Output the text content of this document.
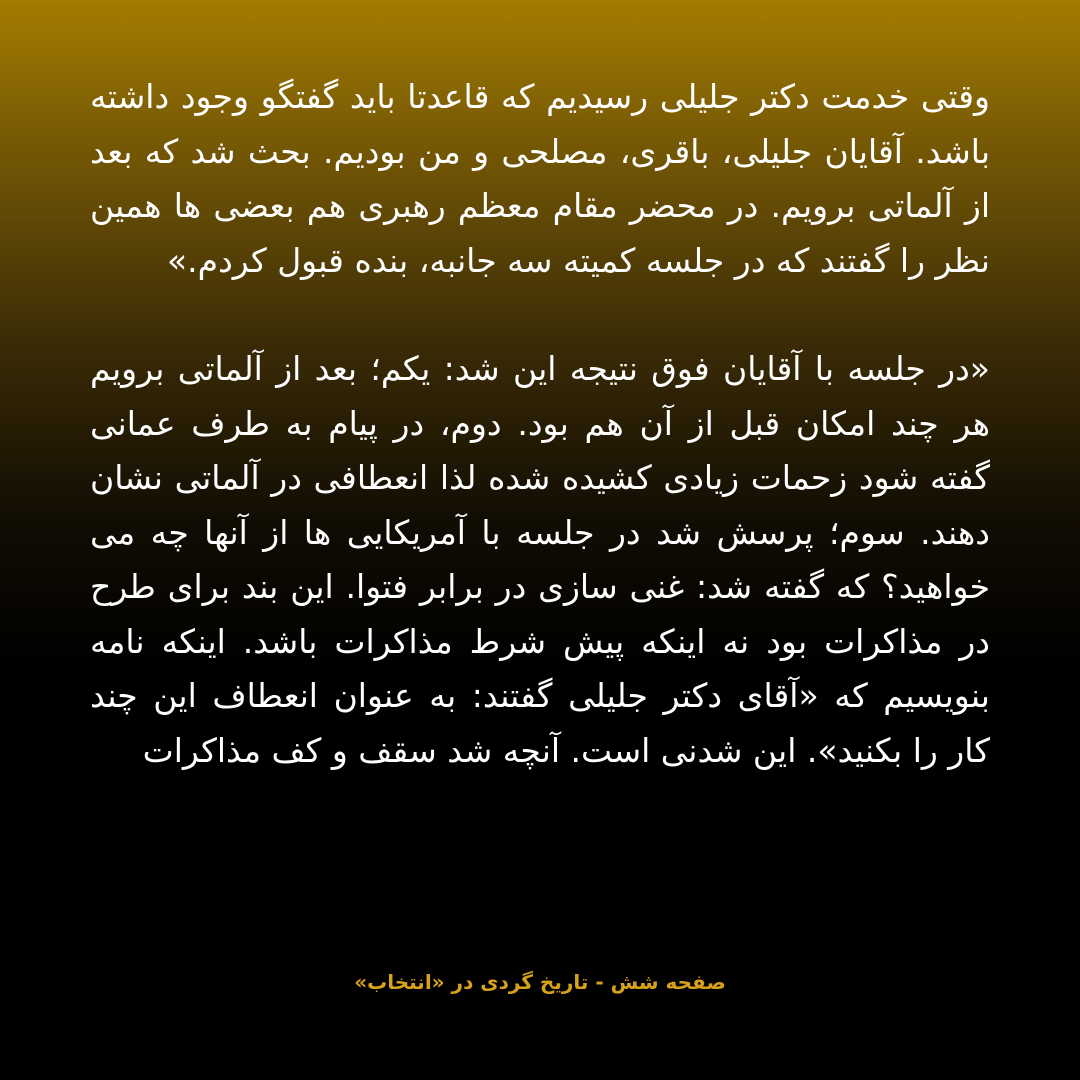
وقتی خدمت دکتر جلیلی رسیدیم که قاعدتا باید گفتگو وجود داشته باشد. آقایان جلیلی، باقری، مصلحی و من بودیم. بحث شد که بعد از آلماتی برویم. در محضر مقام معظم رهبری هم بعضی ها همین نظر را گفتند که در جلسه کمیته سه جانبه، بنده قبول کردم.»

«در جلسه با آقایان فوق نتیجه این شد: یکم؛ بعد از آلماتی برویم هر چند امکان قبل از آن هم بود. دوم، در پیام به طرف عمانی گفته شود زحمات زیادی کشیده شده لذا انعطافی در آلماتی نشان دهند. سوم؛ پرسش شد در جلسه با آمریکایی ها از آنها چه می خواهید؟ که گفته شد: غنی سازی در برابر فتوا. این بند برای طرح در مذاکرات بود نه اینکه پیش شرط مذاکرات باشد. اینکه نامه بنویسیم که «آقای دکتر جلیلی گفتند: به عنوان انعطاف این چند کار را بکنید». این شدنی است. آنچه شد سقف و کف مذاکرات

صفحه شش - تاریخ گردی در «انتخاب»
